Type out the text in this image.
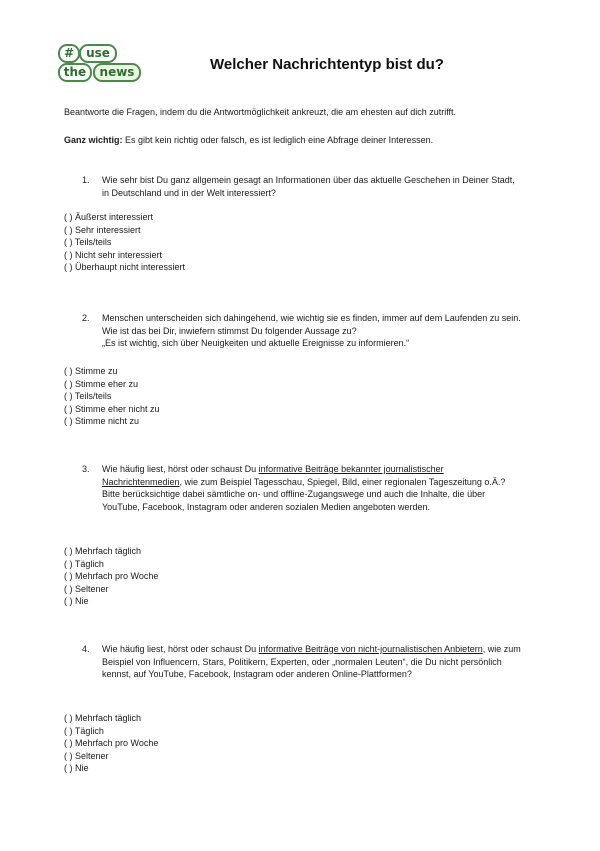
#	use
the	news	Welcher Nachrichtentyp bist du?
Beantworte die Fragen, indem du die Antwortmöglichkeit ankreuzt, die am ehesten auf dich zutrifft.
Ganz wichtig: Es gibt kein richtig oder falsch, es ist lediglich eine Abfrage deiner Interessen.
1.	Wie sehr bist Du ganz allgemein gesagt an Informationen über das aktuelle Geschehen in Deiner Stadt, in Deutschland und in der Welt interessiert?
( ) Äußerst interessiert
( ) Sehr interessiert
( ) Teils/teils
( ) Nicht sehr interessiert
( ) Überhaupt nicht interessiert
2.	Menschen unterscheiden sich dahingehend, wie wichtig sie es finden, immer auf dem Laufenden zu sein. Wie ist das bei Dir, inwiefern stimmst Du folgender Aussage zu?
„Es ist wichtig, sich über Neuigkeiten und aktuelle Ereignisse zu informieren.“
( ) Stimme zu
( ) Stimme eher zu
( ) Teils/teils
( ) Stimme eher nicht zu
( ) Stimme nicht zu
3.	Wie häufig liest, hörst oder schaust Du informative Beiträge bekannter journalistischer Nachrichtenmedien, wie zum Beispiel Tagesschau, Spiegel, Bild, einer regionalen Tageszeitung o.Ä.? Bitte berücksichtige dabei sämtliche on- und offline-Zugangswege und auch die Inhalte, die über YouTube, Facebook, Instagram oder anderen sozialen Medien angeboten werden.
( ) Mehrfach täglich
( ) Täglich
( ) Mehrfach pro Woche
( ) Seltener
( ) Nie
4.	Wie häufig liest, hörst oder schaust Du informative Beiträge von nicht-journalistischen Anbietern, wie zum Beispiel von Influencern, Stars, Politikern, Experten, oder „normalen Leuten“, die Du nicht persönlich kennst, auf YouTube, Facebook, Instagram oder anderen Online-Plattformen?
( ) Mehrfach täglich
( ) Täglich
( ) Mehrfach pro Woche
( ) Seltener
( ) Nie
